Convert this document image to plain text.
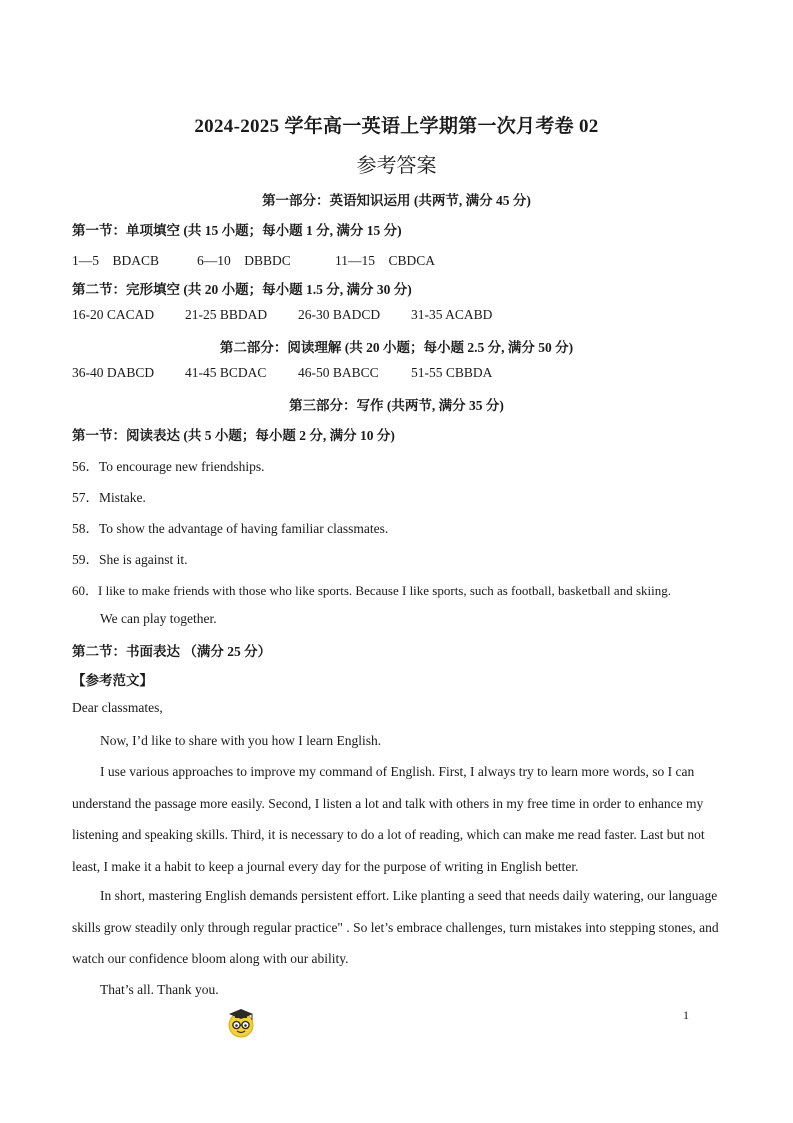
2024-2025 学年高一英语上学期第一次月考卷 02
参考答案
第一部分：英语知识运用 (共两节, 满分 45 分)
第一节：单项填空 (共 15 小题；每小题 1 分, 满分 15 分)
1—5　BDACB	6—10　DBBDC	11—15　CBDCA
第二节：完形填空 (共 20 小题；每小题 1.5 分, 满分 30 分)
16-20 CACAD 21-25 BBDAD 26-30 BADCD 31-35 ACABD
第二部分：阅读理解 (共 20 小题；每小题 2.5 分, 满分 50 分)
36-40 DABCD 41-45 BCDAC 46-50 BABCC 51-55 CBBDA
第三部分：写作 (共两节, 满分 35 分)
第一节：阅读表达 (共 5 小题；每小题 2 分, 满分 10 分)
56．To encourage new friendships.
57．Mistake.
58．To show the advantage of having familiar classmates.
59．She is against it.
60．I like to make friends with those who like sports. Because I like sports, such as football, basketball and skiing.
We can play together.
第二节：书面表达 （满分 25 分）
【参考范文】
Dear classmates,
Now, I’d like to share with you how I learn English.
I use various approaches to improve my command of English. First, I always try to learn more words, so I can understand the passage more easily. Second, I listen a lot and talk with others in my free time in order to enhance my listening and speaking skills. Third, it is necessary to do a lot of reading, which can make me read faster. Last but not least, I make it a habit to keep a journal every day for the purpose of writing in English better.
In short, mastering English demands persistent effort. Like planting a seed that needs daily watering, our language skills grow steadily only through regular practice" . So let’s embrace challenges, turn mistakes into stepping stones, and watch our confidence bloom along with our ability.
That’s all. Thank you.
1
